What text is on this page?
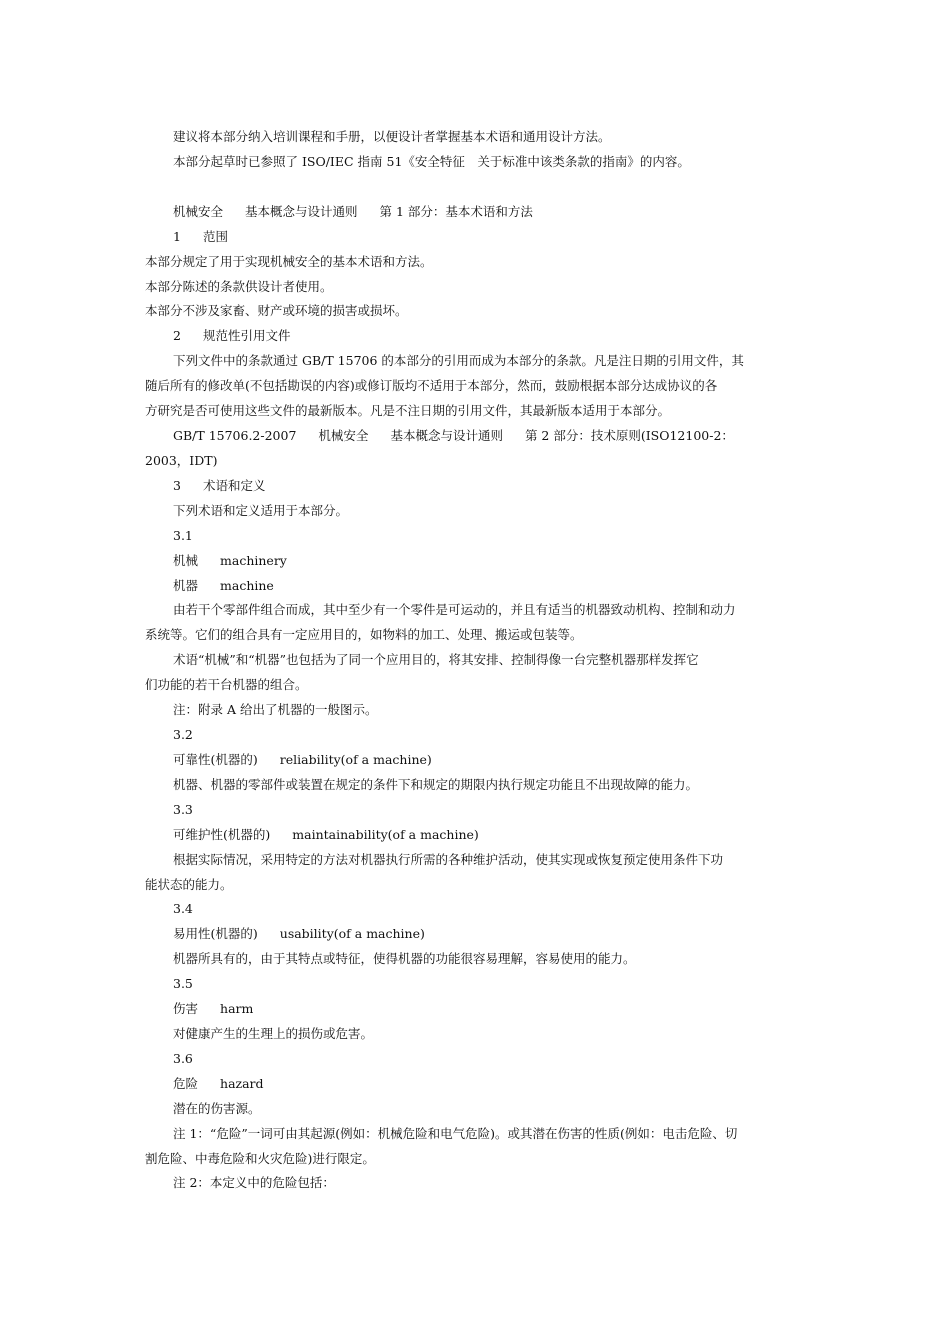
建议将本部分纳入培训课程和手册，以便设计者掌握基本术语和通用设计方法。

本部分起草时已参照了 ISO/IEC 指南 51《安全特征　关于标准中该类条款的指南》的内容。

机械安全 基本概念与设计通则 第 1 部分：基本术语和方法

1 范围

本部分规定了用于实现机械安全的基本术语和方法。

本部分陈述的条款供设计者使用。

本部分不涉及家畜、财产或环境的损害或损坏。

2 规范性引用文件

下列文件中的条款通过 GB/T 15706 的本部分的引用而成为本部分的条款。凡是注日期的引用文件，其

随后所有的修改单(不包括勘误的内容)或修订版均不适用于本部分，然而，鼓励根据本部分达成协议的各

方研究是否可使用这些文件的最新版本。凡是不注日期的引用文件，其最新版本适用于本部分。

GB/T 15706.2-2007 机械安全 基本概念与设计通则 第 2 部分：技术原则(ISO12100-2：

2003，IDT)

3 术语和定义

下列术语和定义适用于本部分。

3.1

机械 machinery

机器 machine

由若干个零部件组合而成，其中至少有一个零件是可运动的，并且有适当的机器致动机构、控制和动力

系统等。它们的组合具有一定应用目的，如物料的加工、处理、搬运或包装等。

术语“机械”和“机器”也包括为了同一个应用目的，将其安排、控制得像一台完整机器那样发挥它

们功能的若干台机器的组合。

注：附录 A 给出了机器的一般图示。

3.2

可靠性(机器的) reliability(of a machine)

机器、机器的零部件或装置在规定的条件下和规定的期限内执行规定功能且不出现故障的能力。

3.3

可维护性(机器的) maintainability(of a machine)

根据实际情况，采用特定的方法对机器执行所需的各种维护活动，使其实现或恢复预定使用条件下功

能状态的能力。

3.4

易用性(机器的) usability(of a machine)

机器所具有的，由于其特点或特征，使得机器的功能很容易理解，容易使用的能力。

3.5

伤害 harm

对健康产生的生理上的损伤或危害。

3.6

危险 hazard

潜在的伤害源。

注 1：“危险”一词可由其起源(例如：机械危险和电气危险)。或其潜在伤害的性质(例如：电击危险、切

割危险、中毒危险和火灾危险)进行限定。

注 2：本定义中的危险包括：
